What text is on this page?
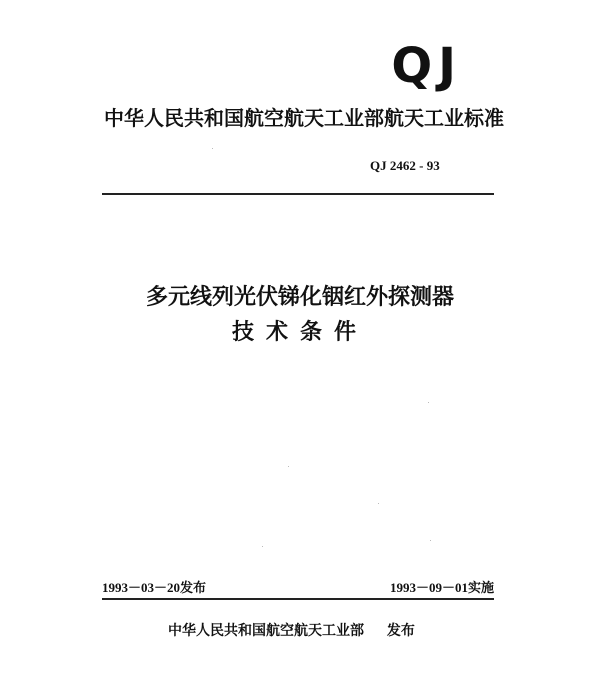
QJ
中华人民共和国航空航天工业部航天工业标准
QJ 2462 - 93
多元线列光伏锑化铟红外探测器
技术条件
1993－03－20发布	1993－09－01实施
中华人民共和国航空航天工业部 发布
